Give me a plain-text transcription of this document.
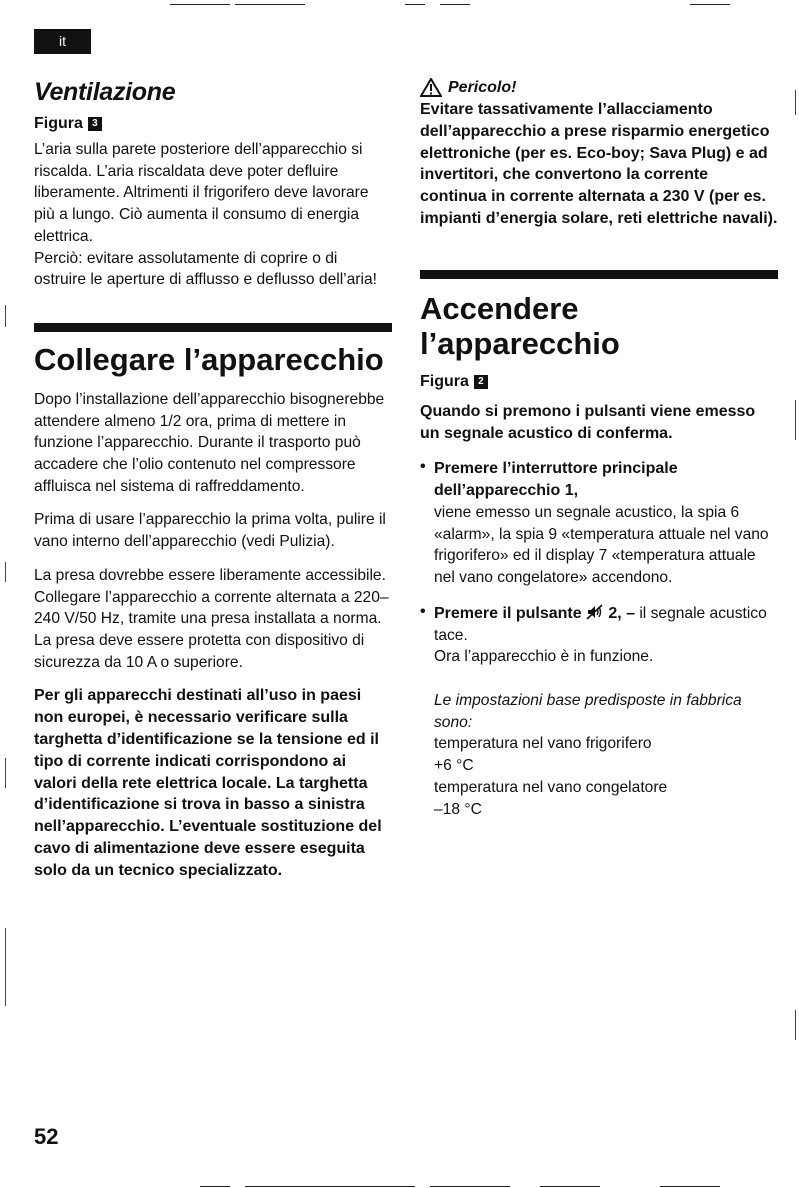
it
Ventilazione
Figura 3

L’aria sulla parete posteriore dell’apparecchio si riscalda. L’aria riscaldata deve poter defluire liberamente. Altrimenti il frigorifero deve lavorare più a lungo. Ciò aumenta il consumo di energia elettrica.

Perciò: evitare assolutamente di coprire o di ostruire le aperture di afflusso e deflusso dell’aria!

Collegare l’apparecchio

Dopo l’installazione dell’apparecchio bisognerebbe attendere almeno 1/2 ora, prima di mettere in funzione l’apparecchio. Durante il trasporto può accadere che l’olio contenuto nel compressore affluisca nel sistema di raffreddamento.

Prima di usare l’apparecchio la prima volta, pulire il vano interno dell’apparecchio (vedi Pulizia).

La presa dovrebbe essere liberamente accessibile. Collegare l’apparecchio a corrente alternata a 220–240 V/50 Hz, tramite una presa installata a norma. La presa deve essere protetta con dispositivo di sicurezza da 10 A o superiore.

Per gli apparecchi destinati all’uso in paesi non europei, è necessario verificare sulla targhetta d’identificazione se la tensione ed il tipo di corrente indicati corrispondono ai valori della rete elettrica locale. La targhetta d’identificazione si trova in basso a sinistra nell’apparecchio. L’eventuale sostituzione del cavo di alimentazione deve essere eseguita solo da un tecnico specializzato.

Pericolo!

Evitare tassativamente l’allacciamento dell’apparecchio a prese risparmio energetico elettroniche (per es. Eco-boy; Sava Plug) e ad invertitori, che convertono la corrente continua in corrente alternata a 230 V (per es. impianti d’energia solare, reti elettriche navali).

Accendere l’apparecchio
Figura 2

Quando si premono i pulsanti viene emesso un segnale acustico di conferma.

• Premere l’interruttore principale dell’apparecchio 1,
viene emesso un segnale acustico, la spia 6 «alarm», la spia 9 «temperatura attuale nel vano frigorifero» ed il display 7 «temperatura attuale nel vano congelatore» accendono.
• Premere il pulsante 2, – il segnale acustico tace.
Ora l’apparecchio è in funzione.

Le impostazioni base predisposte in fabbrica sono:

temperatura nel vano frigorifero

+6 °C

temperatura nel vano congelatore

–18 °C

52
